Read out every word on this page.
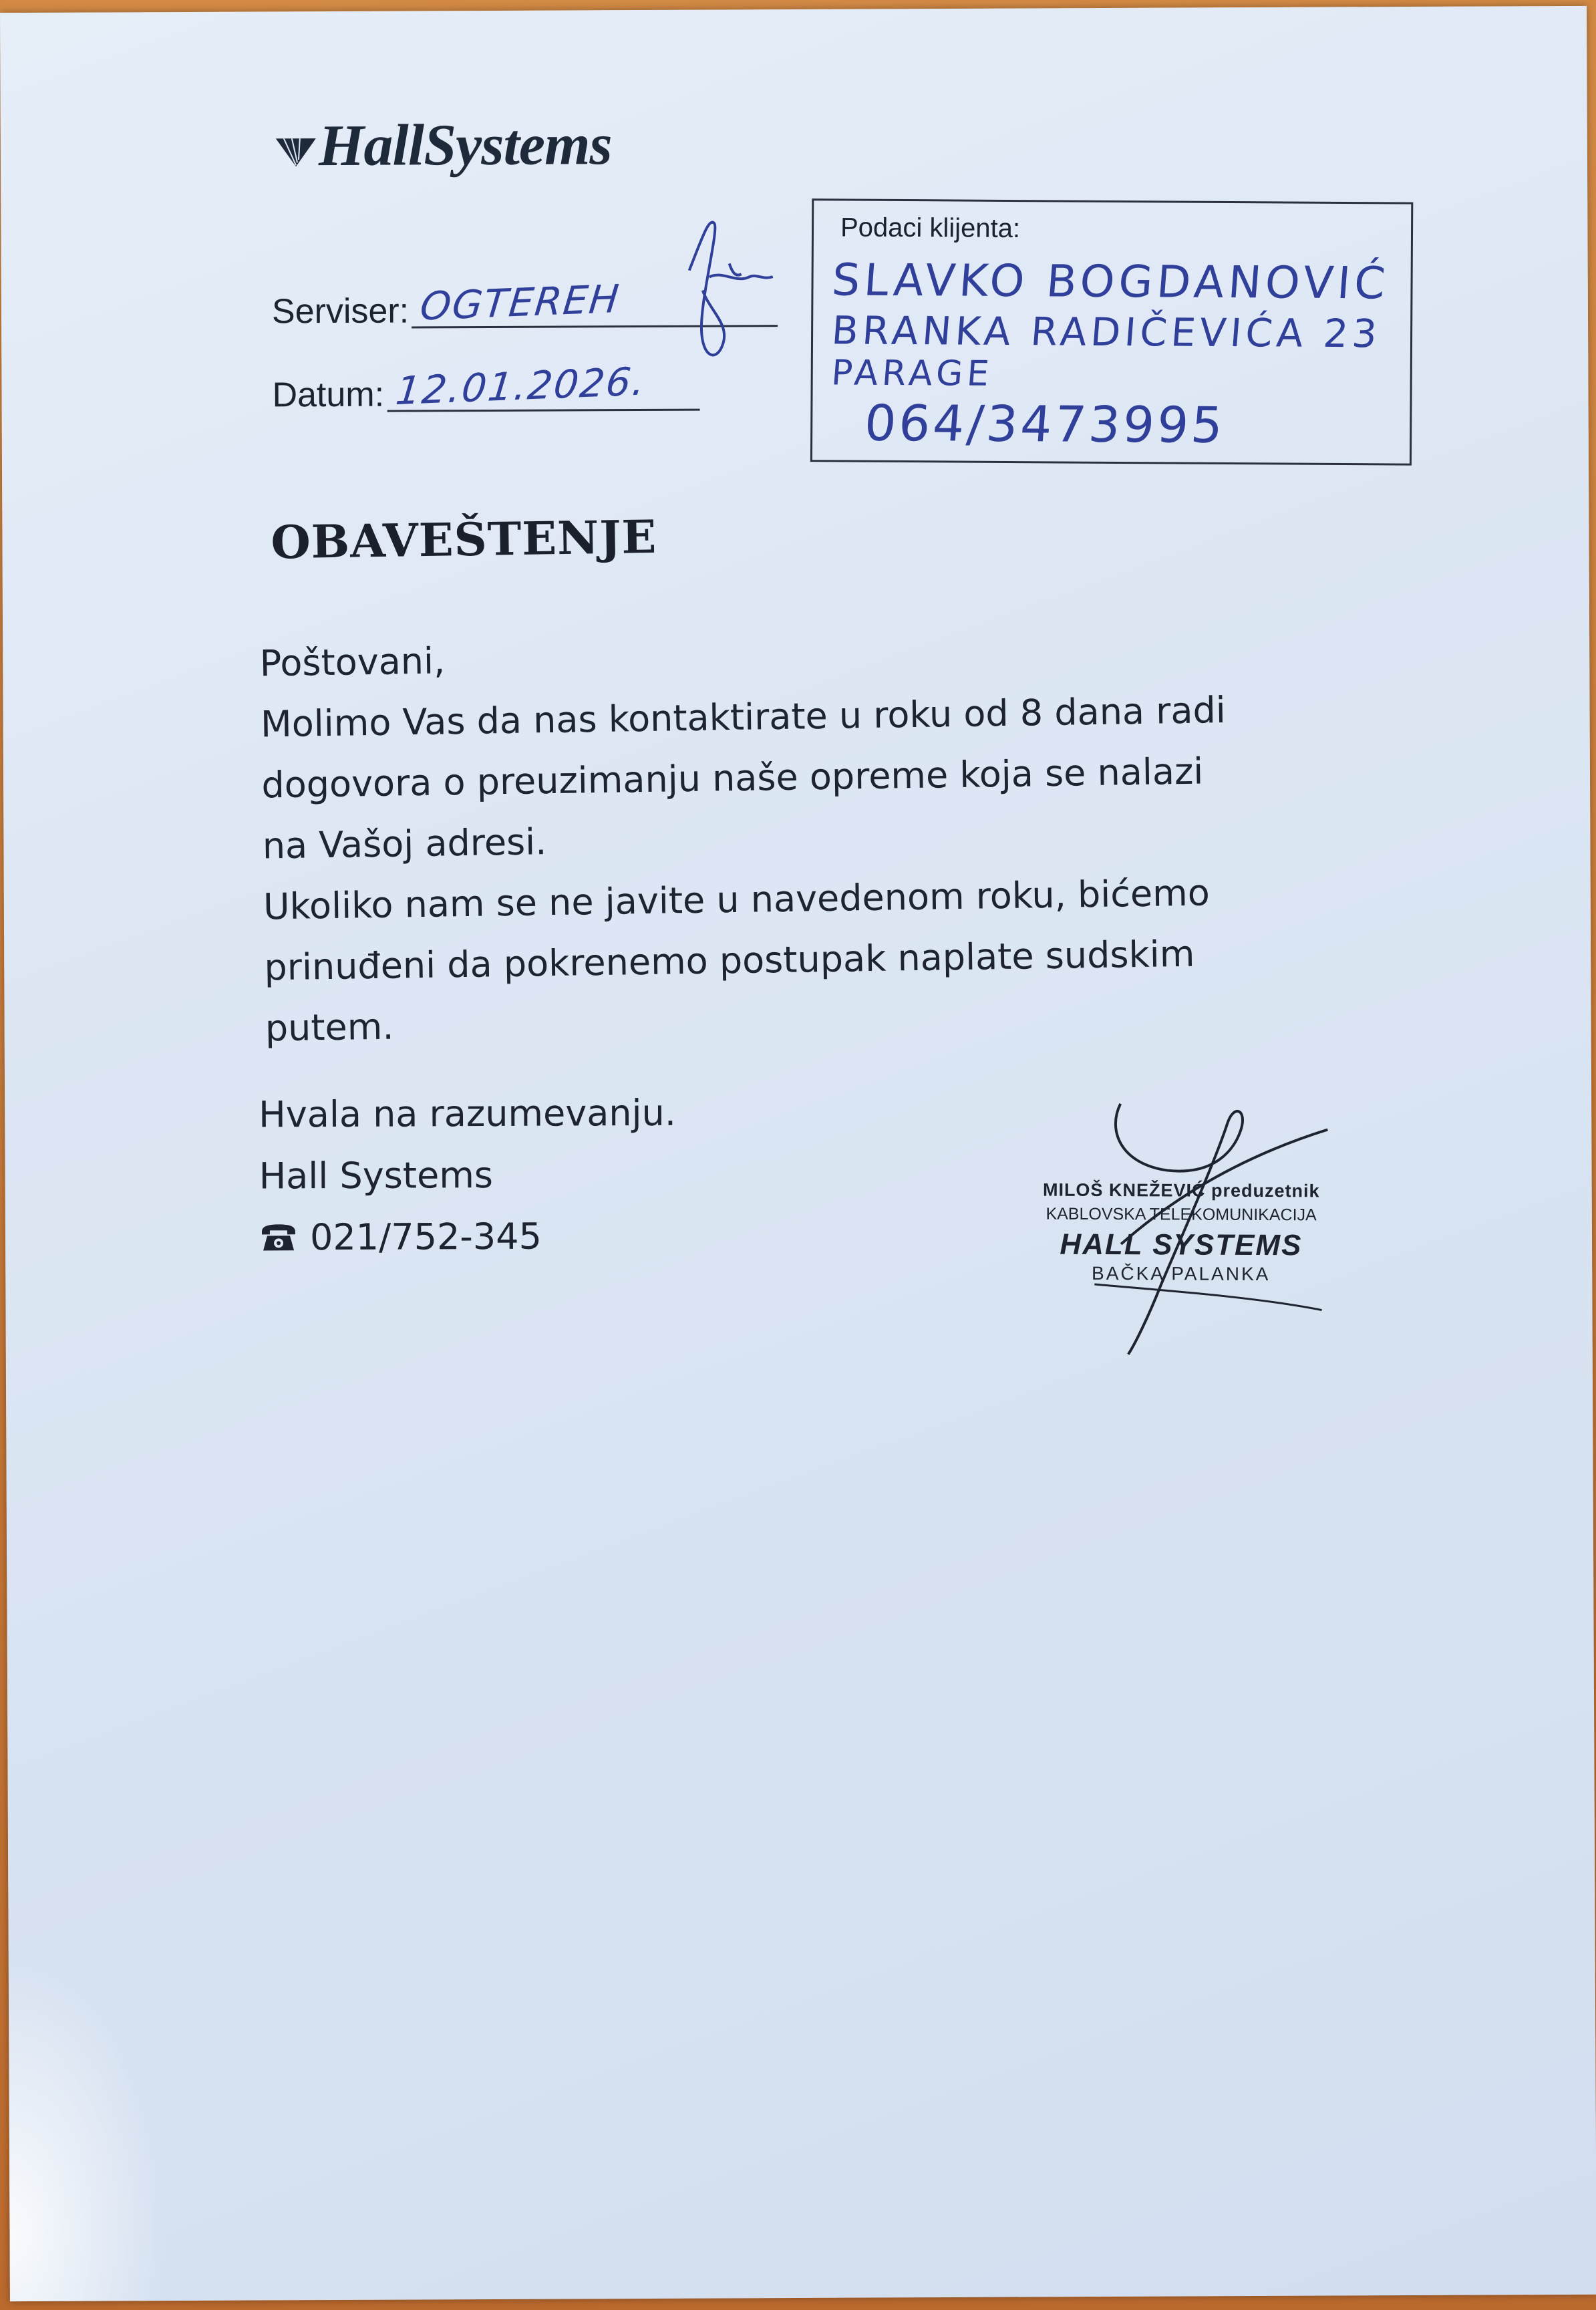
HallSystems
Serviser: OGTEREH
Datum: 12.01.2026.
Podaci klijenta:
SLAVKO BOGDANOVIĆ
BRANKA RADIČEVIĆA 23
PARAGE
064/3473995
OBAVEŠTENJE

Poštovani,

Molimo Vas da nas kontaktirate u roku od 8 dana radi

dogovora o preuzimanju naše opreme koja se nalazi

na Vašoj adresi.

Ukoliko nam se ne javite u navedenom roku, bićemo

prinuđeni da pokrenemo postupak naplate sudskim

putem.

Hvala na razumevanju.
Hall Systems
021/752-345
MILOŠ KNEŽEVIĆ preduzetnik
KABLOVSKA TELEKOMUNIKACIJA
HALL SYSTEMS
BAČKA PALANKA
